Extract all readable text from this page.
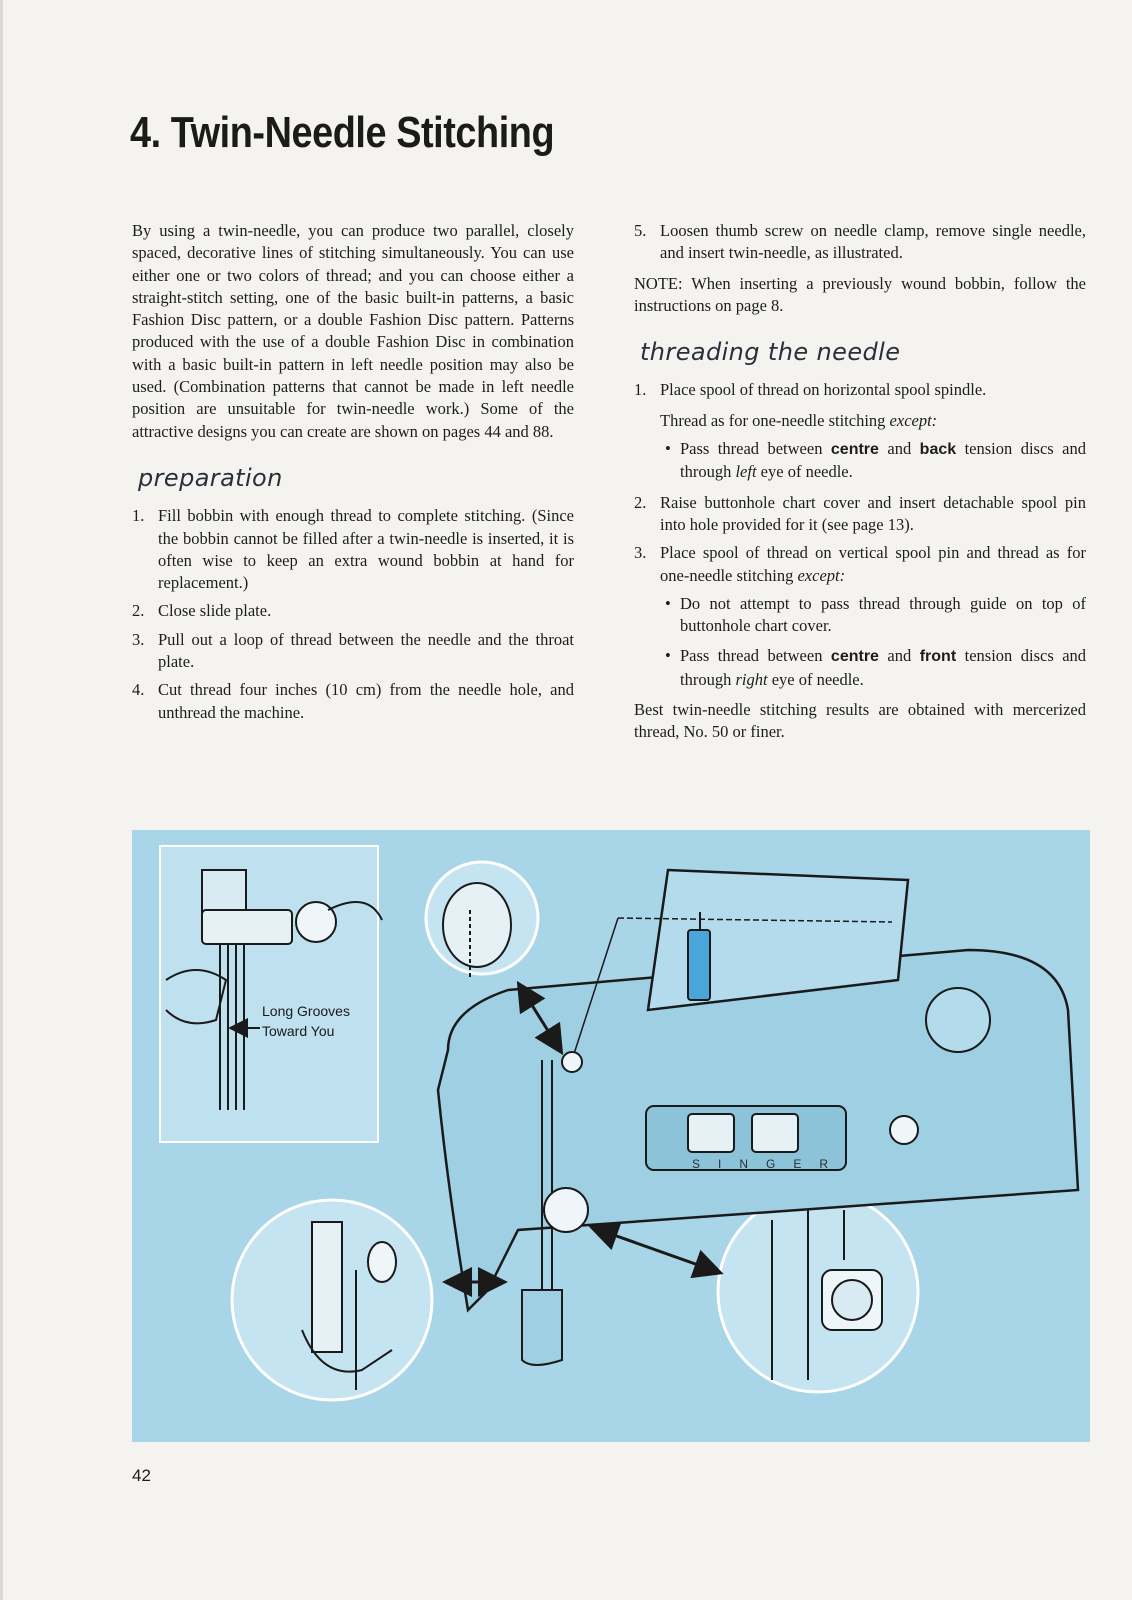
4. Twin-Needle Stitching

By using a twin-needle, you can produce two parallel, closely spaced, decorative lines of stitching simultaneously. You can use either one or two colors of thread; and you can choose either a straight-stitch setting, one of the basic built-in patterns, a basic Fashion Disc pattern, or a double Fashion Disc pattern. Patterns produced with the use of a double Fashion Disc in combination with a basic built-in pattern in left needle position may also be used. (Combination patterns that cannot be made in left needle position are unsuitable for twin-needle work.) Some of the attractive designs you can create are shown on pages 44 and 88.

preparation
1. Fill bobbin with enough thread to complete stitching. (Since the bobbin cannot be filled after a twin-needle is inserted, it is often wise to keep an extra wound bobbin at hand for replacement.)
2. Close slide plate.
3. Pull out a loop of thread between the needle and the throat plate.
4. Cut thread four inches (10 cm) from the needle hole, and unthread the machine.
5. Loosen thumb screw on needle clamp, remove single needle, and insert twin-needle, as illustrated.

NOTE: When inserting a previously wound bobbin, follow the instructions on page 8.

threading the needle
1. Place spool of thread on horizontal spool spindle.
Thread as for one-needle stitching except:
• Pass thread between centre and back tension discs and through left eye of needle.
2. Raise buttonhole chart cover and insert detachable spool pin into hole provided for it (see page 13).
3. Place spool of thread on vertical spool pin and thread as for one-needle stitching except:
• Do not attempt to pass thread through guide on top of buttonhole chart cover.
• Pass thread between centre and front tension discs and through right eye of needle.

Best twin-needle stitching results are obtained with mercerized thread, No. 50 or finer.

Long Grooves
Toward You
SINGER
42
